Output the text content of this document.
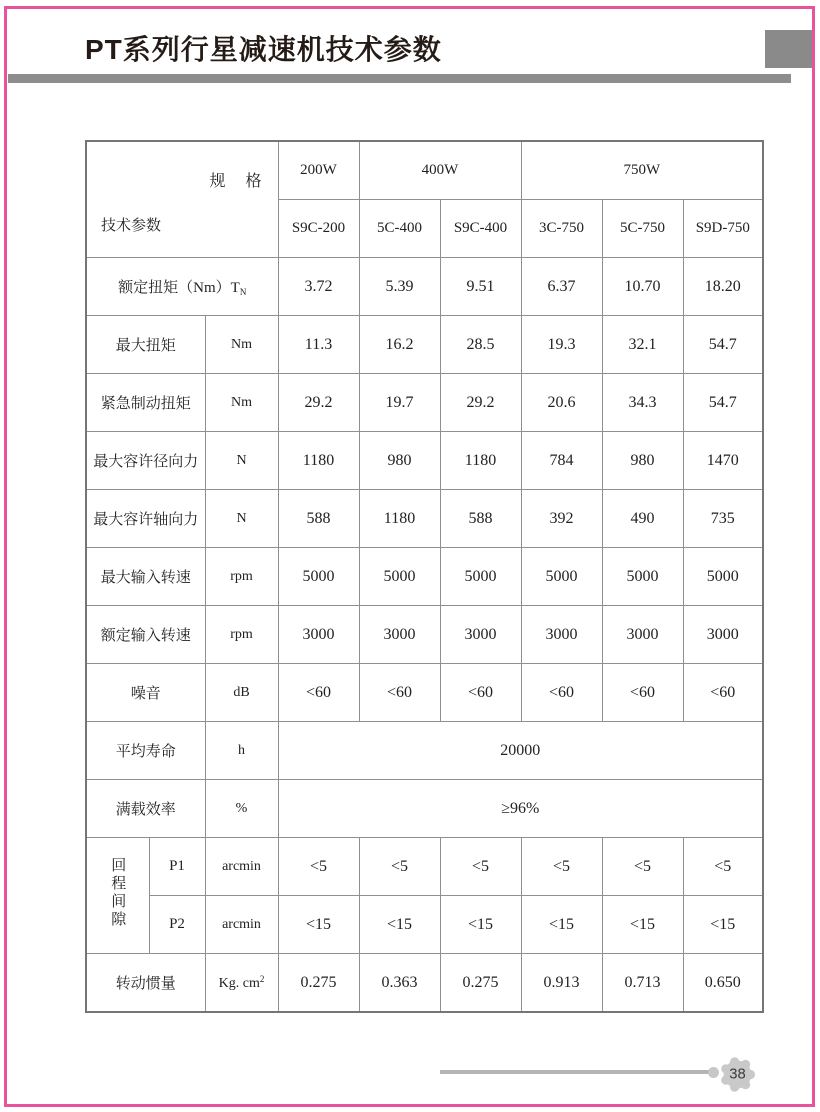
PT系列行星减速机技术参数
规　格
技术参数			200W	400W		750W		
			S9C-200	5C-400	S9C-400	3C-750	5C-750	S9D-750
额定扭矩$(Nm)T_N$			3.72	5.39	9.51	6.37	10.70	18.20
最大扭矩		Nm	11.3	16.2	28.5	19.3	32.1	54.7
紧急制动扭矩		Nm	29.2	19.7	29.2	20.6	34.3	54.7
最大容许径向力		N	1180	980	1180	784	980	1470
最大容许轴向力		N	588	1180	588	392	490	735
最大输入转速		rpm	5000	5000	5000	5000	5000	5000
额定输入转速		rpm	3000	3000	3000	3000	3000	3000
噪音		dB	<60	<60	<60	<60	<60	<60
平均寿命		h	20000					
满载效率		%	≥96%					
回程间隙	P1	arcmin	<5	<5	<5	<5	<5	<5
	P2	arcmin	<15	<15	<15	<15	<15	<15
转动惯量		Kg. $cm^2$	0.275	0.363	0.275	0.913	0.713	0.650
38
